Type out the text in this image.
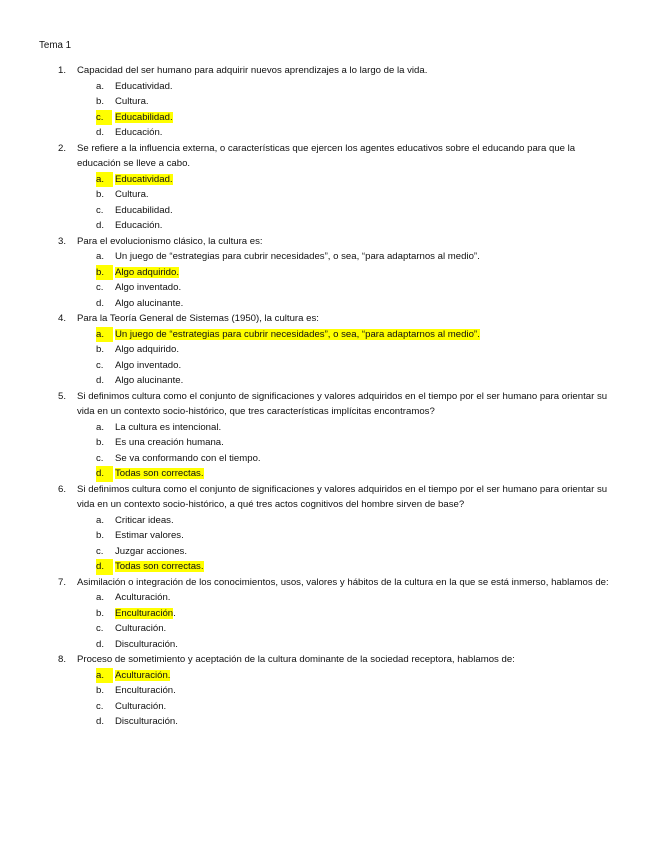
Tema 1
1. Capacidad del ser humano para adquirir nuevos aprendizajes a lo largo de la vida.
a. Educatividad.
b. Cultura.
c.	Educabilidad.
d. Educación.
2. Se refiere a la influencia externa, o características que ejercen los agentes educativos sobre el educando para que la educación se lleve a cabo.
a.	Educatividad.
b. Cultura.
c. Educabilidad.
d. Educación.
3. Para el evolucionismo clásico, la cultura es:
a. Un juego de “estrategias para cubrir necesidades”, o sea, “para adaptarnos al medio”.
b.	Algo adquirido.
c. Algo inventado.
d. Algo alucinante.
4. Para la Teoría General de Sistemas (1950), la cultura es:
a.	Un juego de “estrategias para cubrir necesidades”, o sea, “para adaptarnos al medio”.
b. Algo adquirido.
c. Algo inventado.
d. Algo alucinante.
5. Si definimos cultura como el conjunto de significaciones y valores adquiridos en el tiempo por el ser humano para orientar su vida en un contexto socio-histórico, que tres características implícitas encontramos?
a. La cultura es intencional.
b. Es una creación humana.
c. Se va conformando con el tiempo.
d.	Todas son correctas.
6. Si definimos cultura como el conjunto de significaciones y valores adquiridos en el tiempo por el ser humano para orientar su vida en un contexto socio-histórico, a qué tres actos cognitivos del hombre sirven de base?
a. Criticar ideas.
b. Estimar valores.
c. Juzgar acciones.
d.	Todas son correctas.
7. Asimilación o integración de los conocimientos, usos, valores y hábitos de la cultura en la que se está inmerso, hablamos de:
a. Aculturación.
b. Enculturación.
c. Culturación.
d. Disculturación.
8. Proceso de sometimiento y aceptación de la cultura dominante de la sociedad receptora, hablamos de:
a.	Aculturación.
b. Enculturación.
c. Culturación.
d. Disculturación.
